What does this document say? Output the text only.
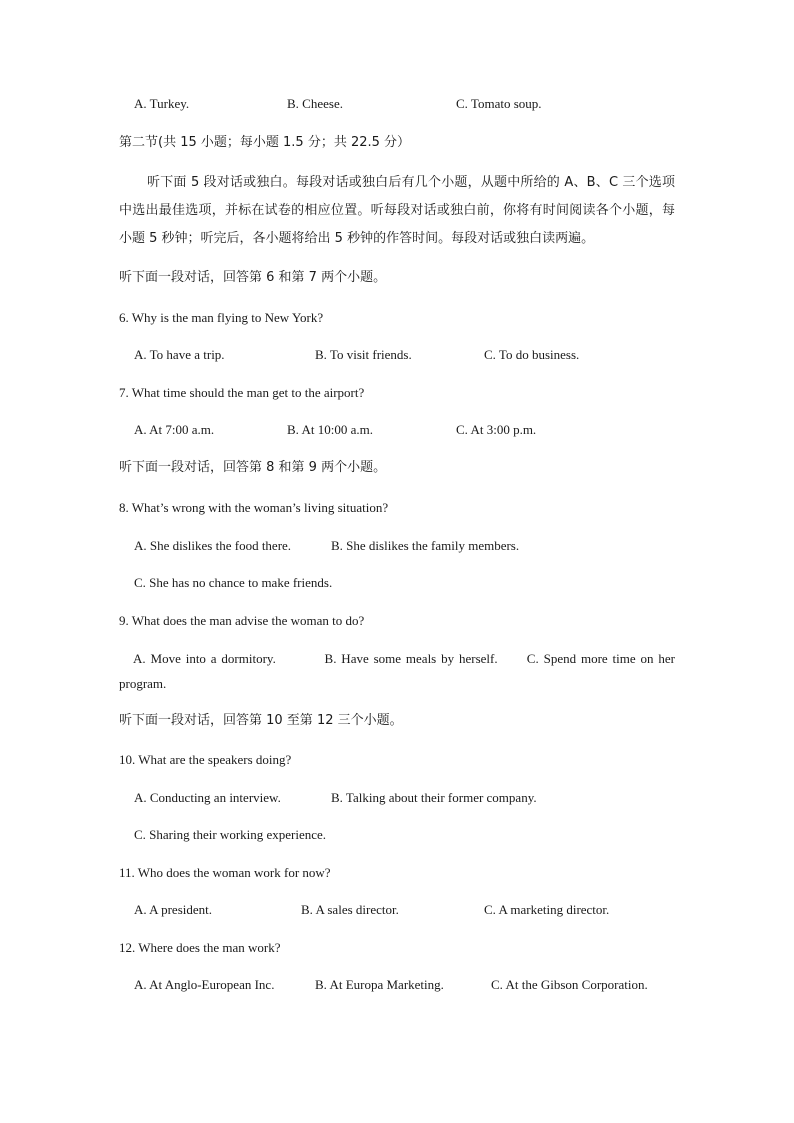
A. Turkey.	B. Cheese.	C. Tomato soup.
第二节(共 15 小题；每小题 1.5 分；共 22.5 分）
听下面 5 段对话或独白。每段对话或独白后有几个小题，从题中所给的 A、B、C 三个选项中选出最佳选项，并标在试卷的相应位置。听每段对话或独白前，你将有时间阅读各个小题，每小题 5 秒钟；听完后，各小题将给出 5 秒钟的作答时间。每段对话或独白读两遍。
听下面一段对话，回答第 6 和第 7 两个小题。
6. Why is the man flying to New York?
A. To have a trip.	B. To visit friends.	C. To do business.
7. What time should the man get to the airport?
A. At 7:00 a.m.	B. At 10:00 a.m.	C. At 3:00 p.m.
听下面一段对话，回答第 8 和第 9 两个小题。
8. What’s wrong with the woman’s living situation?
A. She dislikes the food there.	B. She dislikes the family members.
C. She has no chance to make friends.
9. What does the man advise the woman to do?
A. Move into a dormitory.          B. Have some meals by herself.      C. Spend more time on her program.
听下面一段对话，回答第 10 至第 12 三个小题。
10. What are the speakers doing?
A. Conducting an interview.	B. Talking about their former company.
C. Sharing their working experience.
11. Who does the woman work for now?
A. A president.	B. A sales director.	C. A marketing director.
12. Where does the man work?
A. At Anglo-European Inc.	B. At Europa Marketing.	C. At the Gibson Corporation.
